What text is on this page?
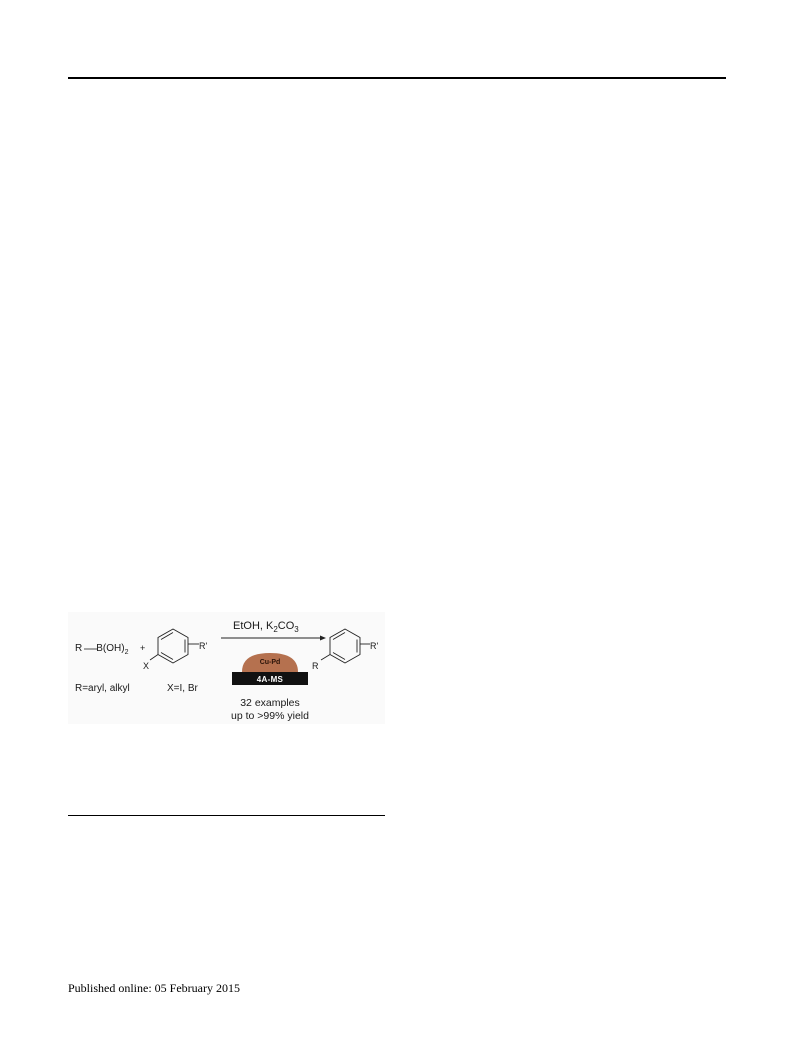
EtOH, $K_2CO_3$
R $B(OH)_2$ +
X
R'
R
R'
R=aryl, alkyl	X=I, Br
Cu-Pd
4A-MS
32 examples
up to >99% yield
Published online: 05 February 2015
